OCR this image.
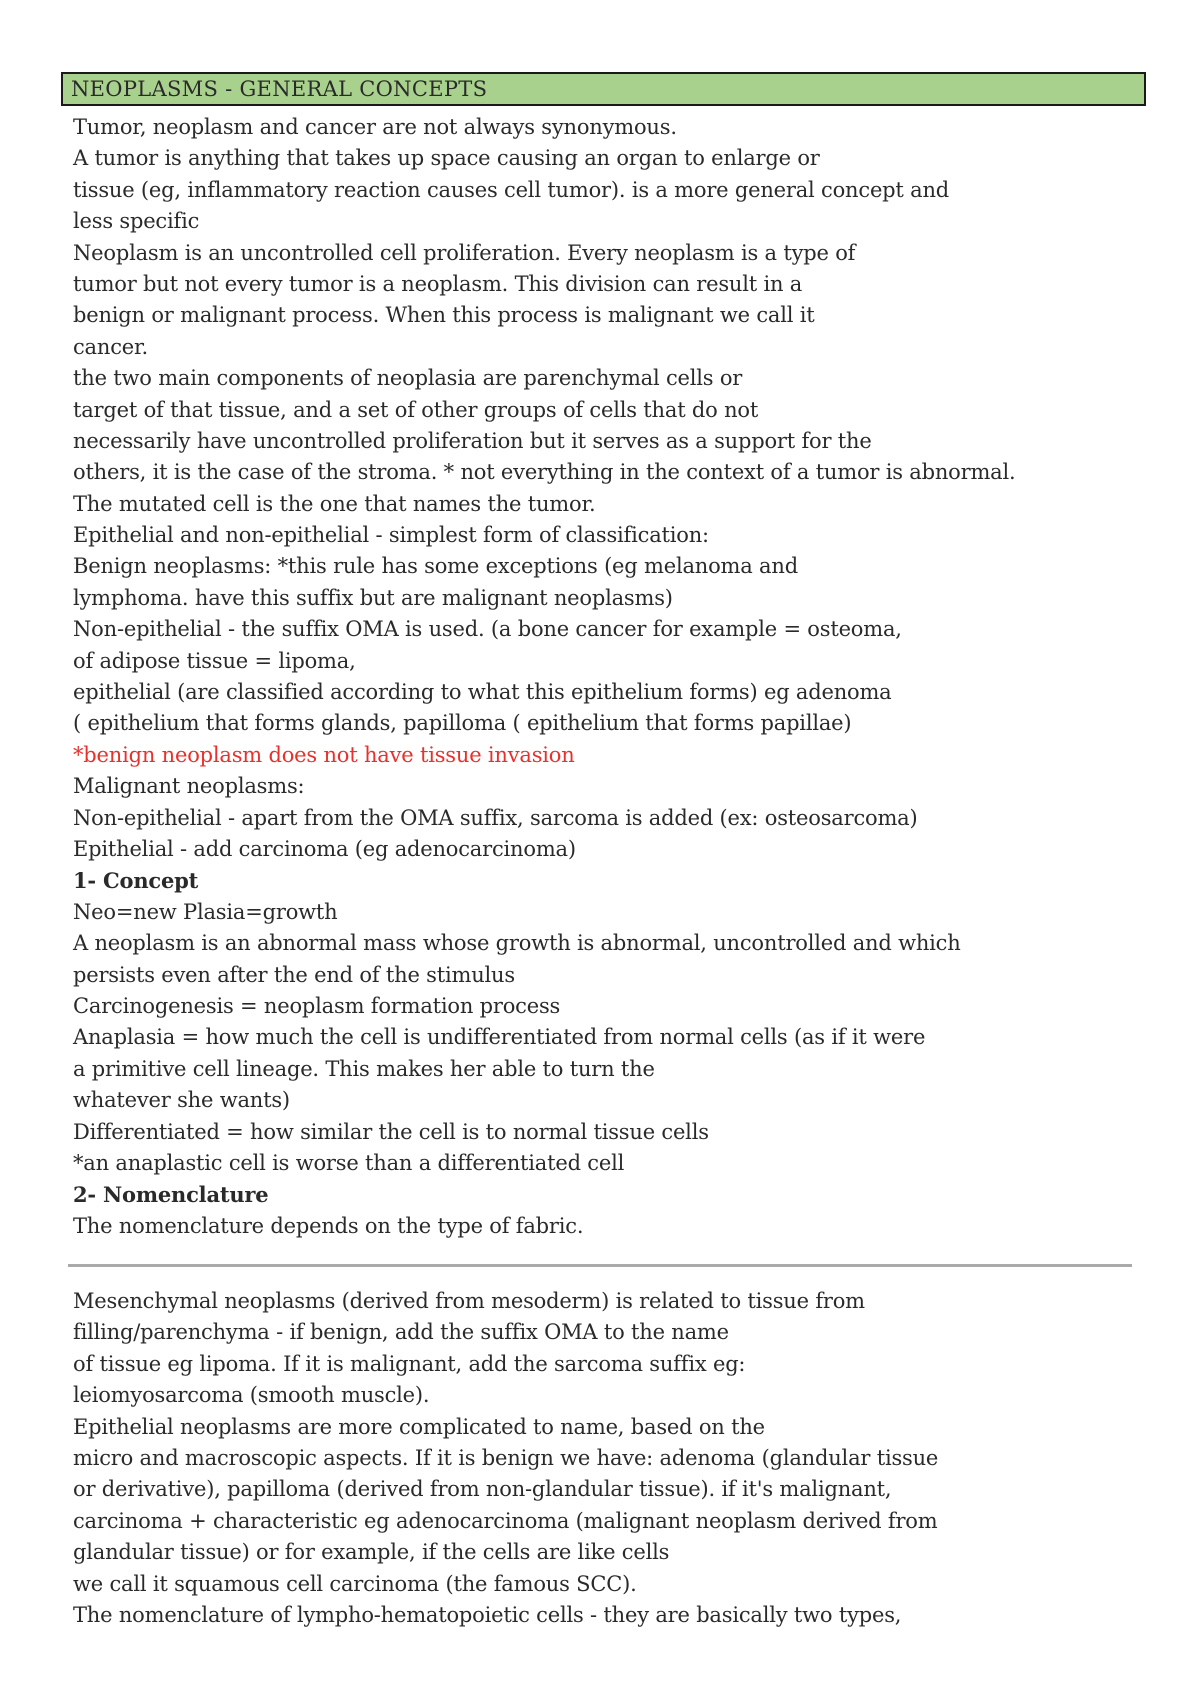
NEOPLASMS - GENERAL CONCEPTS
Tumor, neoplasm and cancer are not always synonymous.
A tumor is anything that takes up space causing an organ to enlarge or
tissue (eg, inflammatory reaction causes cell tumor). is a more general concept and
less specific
Neoplasm is an uncontrolled cell proliferation. Every neoplasm is a type of
tumor but not every tumor is a neoplasm. This division can result in a
benign or malignant process. When this process is malignant we call it
cancer.
the two main components of neoplasia are parenchymal cells or
target of that tissue, and a set of other groups of cells that do not
necessarily have uncontrolled proliferation but it serves as a support for the
others, it is the case of the stroma. * not everything in the context of a tumor is abnormal.
The mutated cell is the one that names the tumor.
Epithelial and non-epithelial - simplest form of classification:
Benign neoplasms: *this rule has some exceptions (eg melanoma and
lymphoma. have this suffix but are malignant neoplasms)
Non-epithelial - the suffix OMA is used. (a bone cancer for example = osteoma,
of adipose tissue = lipoma,
epithelial (are classified according to what this epithelium forms) eg adenoma
( epithelium that forms glands, papilloma ( epithelium that forms papillae)
*benign neoplasm does not have tissue invasion
Malignant neoplasms:
Non-epithelial - apart from the OMA suffix, sarcoma is added (ex: osteosarcoma)
Epithelial - add carcinoma (eg adenocarcinoma)
1- Concept
Neo=new Plasia=growth
A neoplasm is an abnormal mass whose growth is abnormal, uncontrolled and which
persists even after the end of the stimulus
Carcinogenesis = neoplasm formation process
Anaplasia = how much the cell is undifferentiated from normal cells (as if it were
a primitive cell lineage. This makes her able to turn the
whatever she wants)
Differentiated = how similar the cell is to normal tissue cells
*an anaplastic cell is worse than a differentiated cell
2- Nomenclature
The nomenclature depends on the type of fabric.
Mesenchymal neoplasms (derived from mesoderm) is related to tissue from
filling/parenchyma - if benign, add the suffix OMA to the name
of tissue eg lipoma. If it is malignant, add the sarcoma suffix eg:
leiomyosarcoma (smooth muscle).
Epithelial neoplasms are more complicated to name, based on the
micro and macroscopic aspects. If it is benign we have: adenoma (glandular tissue
or derivative), papilloma (derived from non-glandular tissue). if it's malignant,
carcinoma + characteristic eg adenocarcinoma (malignant neoplasm derived from
glandular tissue) or for example, if the cells are like cells
we call it squamous cell carcinoma (the famous SCC).
The nomenclature of lympho-hematopoietic cells - they are basically two types,
